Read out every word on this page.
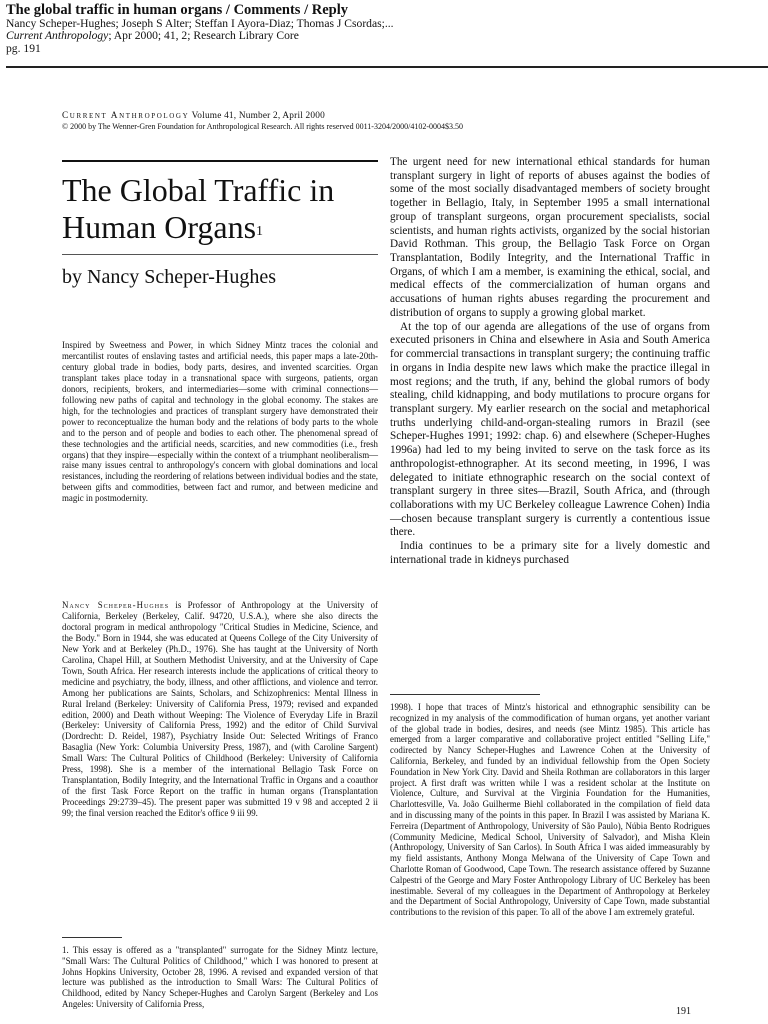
The global traffic in human organs / Comments / Reply
Nancy Scheper-Hughes; Joseph S Alter; Steffan I Ayora-Diaz; Thomas J Csordas;...
Current Anthropology; Apr 2000; 41, 2; Research Library Core
pg. 191
Current Anthropology Volume 41, Number 2, April 2000
© 2000 by The Wenner-Gren Foundation for Anthropological Research. All rights reserved 0011-3204/2000/4102-0004$3.50
The Global Traffic in
Human Organs$^1$
by Nancy Scheper-Hughes
Inspired by Sweetness and Power, in which Sidney Mintz traces the colonial and mercantilist routes of enslaving tastes and artificial needs, this paper maps a late-20th-century global trade in bodies, body parts, desires, and invented scarcities. Organ transplant takes place today in a transnational space with surgeons, patients, organ donors, recipients, brokers, and intermediaries—some with criminal connections—following new paths of capital and technology in the global economy. The stakes are high, for the technologies and practices of transplant surgery have demonstrated their power to reconceptualize the human body and the relations of body parts to the whole and to the person and of people and bodies to each other. The phenomenal spread of these technologies and the artificial needs, scarcities, and new commodities (i.e., fresh organs) that they inspire—especially within the context of a triumphant neoliberalism—raise many issues central to anthropology's concern with global dominations and local resistances, including the reordering of relations between individual bodies and the state, between gifts and commodities, between fact and rumor, and between medicine and magic in postmodernity.
Nancy Scheper-Hughes is Professor of Anthropology at the University of California, Berkeley (Berkeley, Calif. 94720, U.S.A.), where she also directs the doctoral program in medical anthropology "Critical Studies in Medicine, Science, and the Body." Born in 1944, she was educated at Queens College of the City University of New York and at Berkeley (Ph.D., 1976). She has taught at the University of North Carolina, Chapel Hill, at Southern Methodist University, and at the University of Cape Town, South Africa. Her research interests include the applications of critical theory to medicine and psychiatry, the body, illness, and other afflictions, and violence and terror. Among her publications are Saints, Scholars, and Schizophrenics: Mental Illness in Rural Ireland (Berkeley: University of California Press, 1979; revised and expanded edition, 2000) and Death without Weeping: The Violence of Everyday Life in Brazil (Berkeley: University of California Press, 1992) and the editor of Child Survival (Dordrecht: D. Reidel, 1987), Psychiatry Inside Out: Selected Writings of Franco Basaglia (New York: Columbia University Press, 1987), and (with Caroline Sargent) Small Wars: The Cultural Politics of Childhood (Berkeley: University of California Press, 1998). She is a member of the international Bellagio Task Force on Transplantation, Bodily Integrity, and the International Traffic in Organs and a coauthor of the first Task Force Report on the traffic in human organs (Transplantation Proceedings 29:2739–45). The present paper was submitted 19 v 98 and accepted 2 ii 99; the final version reached the Editor's office 9 iii 99.
1. This essay is offered as a "transplanted" surrogate for the Sidney Mintz lecture, "Small Wars: The Cultural Politics of Childhood," which I was honored to present at Johns Hopkins University, October 28, 1996. A revised and expanded version of that lecture was published as the introduction to Small Wars: The Cultural Politics of Childhood, edited by Nancy Scheper-Hughes and Carolyn Sargent (Berkeley and Los Angeles: University of California Press,

The urgent need for new international ethical standards for human transplant surgery in light of reports of abuses against the bodies of some of the most socially disadvantaged members of society brought together in Bellagio, Italy, in September 1995 a small international group of transplant surgeons, organ procurement specialists, social scientists, and human rights activists, organized by the social historian David Rothman. This group, the Bellagio Task Force on Organ Transplantation, Bodily Integrity, and the International Traffic in Organs, of which I am a member, is examining the ethical, social, and medical effects of the commercialization of human organs and accusations of human rights abuses regarding the procurement and distribution of organs to supply a growing global market.

At the top of our agenda are allegations of the use of organs from executed prisoners in China and elsewhere in Asia and South America for commercial transactions in transplant surgery; the continuing traffic in organs in India despite new laws which make the practice illegal in most regions; and the truth, if any, behind the global rumors of body stealing, child kidnapping, and body mutilations to procure organs for transplant surgery. My earlier research on the social and metaphorical truths underlying child-and-organ-stealing rumors in Brazil (see Scheper-Hughes 1991; 1992: chap. 6) and elsewhere (Scheper-Hughes 1996a) had led to my being invited to serve on the task force as its anthropologist-ethnographer. At its second meeting, in 1996, I was delegated to initiate ethnographic research on the social context of transplant surgery in three sites—Brazil, South Africa, and (through collaborations with my UC Berkeley colleague Lawrence Cohen) India—chosen because transplant surgery is currently a contentious issue there.

India continues to be a primary site for a lively domestic and international trade in kidneys purchased

1998). I hope that traces of Mintz's historical and ethnographic sensibility can be recognized in my analysis of the commodification of human organs, yet another variant of the global trade in bodies, desires, and needs (see Mintz 1985). This article has emerged from a larger comparative and collaborative project entitled "Selling Life," codirected by Nancy Scheper-Hughes and Lawrence Cohen at the University of California, Berkeley, and funded by an individual fellowship from the Open Society Foundation in New York City. David and Sheila Rothman are collaborators in this larger project. A first draft was written while I was a resident scholar at the Institute on Violence, Culture, and Survival at the Virginia Foundation for the Humanities, Charlottesville, Va. João Guilherme Biehl collaborated in the compilation of field data and in discussing many of the points in this paper. In Brazil I was assisted by Mariana K. Ferreira (Department of Anthropology, University of São Paulo), Núbia Bento Rodrigues (Community Medicine, Medical School, University of Salvador), and Misha Klein (Anthropology, University of San Carlos). In South Africa I was aided immeasurably by my field assistants, Anthony Monga Melwana of the University of Cape Town and Charlotte Roman of Goodwood, Cape Town. The research assistance offered by Suzanne Calpestri of the George and Mary Foster Anthropology Library of UC Berkeley has been inestimable. Several of my colleagues in the Department of Anthropology at Berkeley and the Department of Social Anthropology, University of Cape Town, made substantial contributions to the revision of this paper. To all of the above I am extremely grateful.
191
